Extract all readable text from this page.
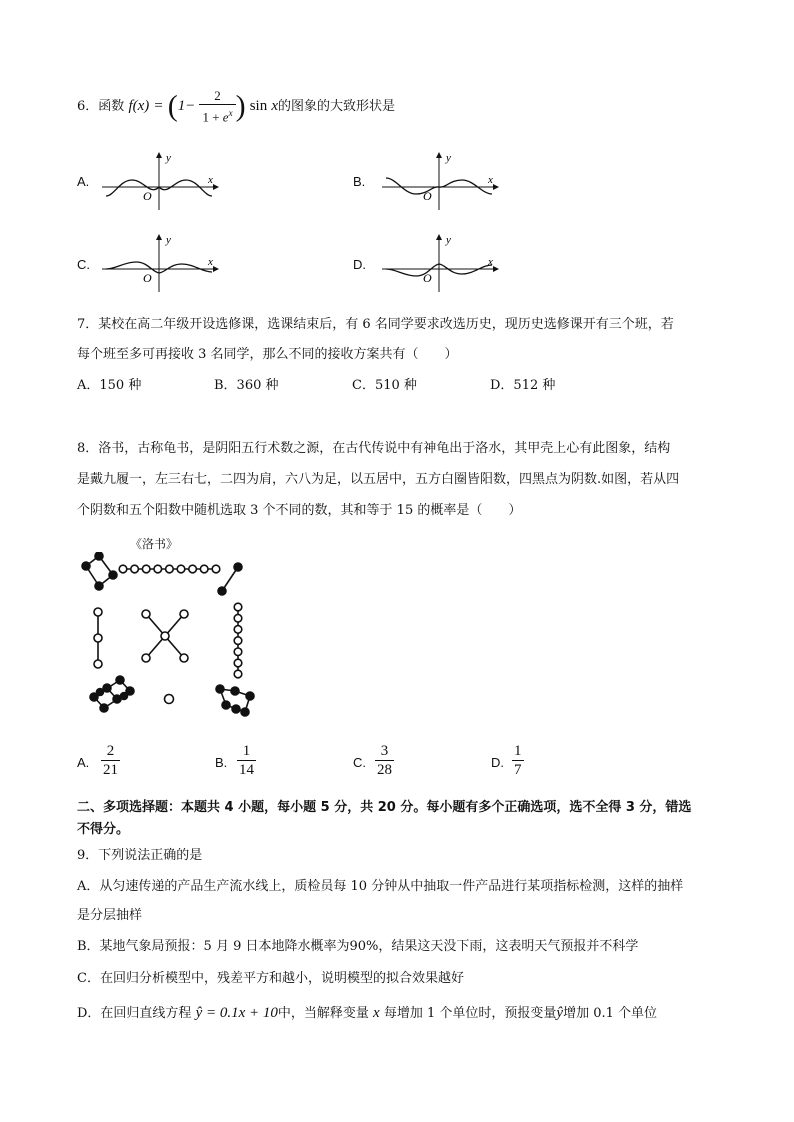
6．函数 $f(x) = (1- \frac{2}{1 + e^x}$ ) sin x的图象的大致形状是
A.	B.
C.	D.
y
x
O
y
x
O
y
x
O
y
x
O
7．某校在高二年级开设选修课，选课结束后，有 6 名同学要求改选历史，现历史选修课开有三个班，若
每个班至多可再接收 3 名同学，那么不同的接收方案共有（　　）
A．150 种	B．360 种	C．510 种	D．512 种
8．洛书，古称龟书，是阴阳五行术数之源，在古代传说中有神龟出于洛水，其甲壳上心有此图象，结构
是戴九履一，左三右七，二四为肩，六八为足，以五居中，五方白圈皆阳数，四黑点为阴数.如图，若从四
个阴数和五个阳数中随机选取 3 个不同的数，其和等于 15 的概率是（　　）
《洛书》
A.
2
21	B.
1
14	C.
3
28	D.
1
7
二、多项选择题：本题共 4 小题，每小题 5 分，共 20 分。每小题有多个正确选项，选不全得 3 分，错选
不得分。
9．下列说法正确的是
A．从匀速传递的产品生产流水线上，质检员每 10 分钟从中抽取一件产品进行某项指标检测，这样的抽样
是分层抽样
B．某地气象局预报：5 月 9 日本地降水概率为90%，结果这天没下雨，这表明天气预报并不科学
C．在回归分析模型中，残差平方和越小，说明模型的拟合效果越好
D．在回归直线方程 ŷ = 0.1x + 10中，当解释变量 x 每增加 1 个单位时，预报变量ŷ增加 0.1 个单位
